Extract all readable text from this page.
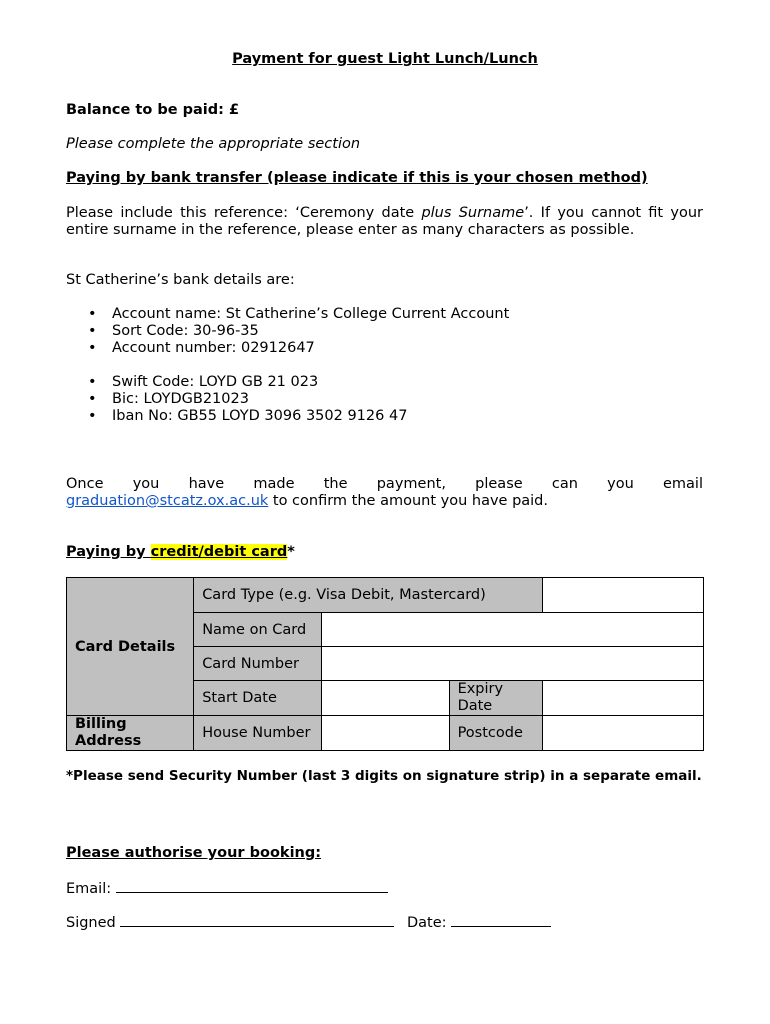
Payment for guest Light Lunch/Lunch
Balance to be paid: £
Please complete the appropriate section
Paying by bank transfer (please indicate if this is your chosen method)
Please include this reference: ‘Ceremony date plus Surname’. If you cannot fit your entire surname in the reference, please enter as many characters as possible.
St Catherine’s bank details are:
• Account name: St Catherine’s College Current Account
• Sort Code: 30-96-35
• Account number: 02912647
• Swift Code: LOYD GB 21 023
• Bic: LOYDGB21023
• Iban No: GB55 LOYD 3096 3502 9126 47
Once you have made the payment, please can you email
graduation@stcatz.ox.ac.uk to confirm the amount you have paid.
Paying by credit/debit card*
Card Details	Card Type (e.g. Visa Debit, Mastercard)			
	Name on Card			
	Card Number			
	Start Date		Expiry Date	
Billing Address	House Number		Postcode	
*Please send Security Number (last 3 digits on signature strip) in a separate email.
Please authorise your booking:
Email:
Signed	Date:
